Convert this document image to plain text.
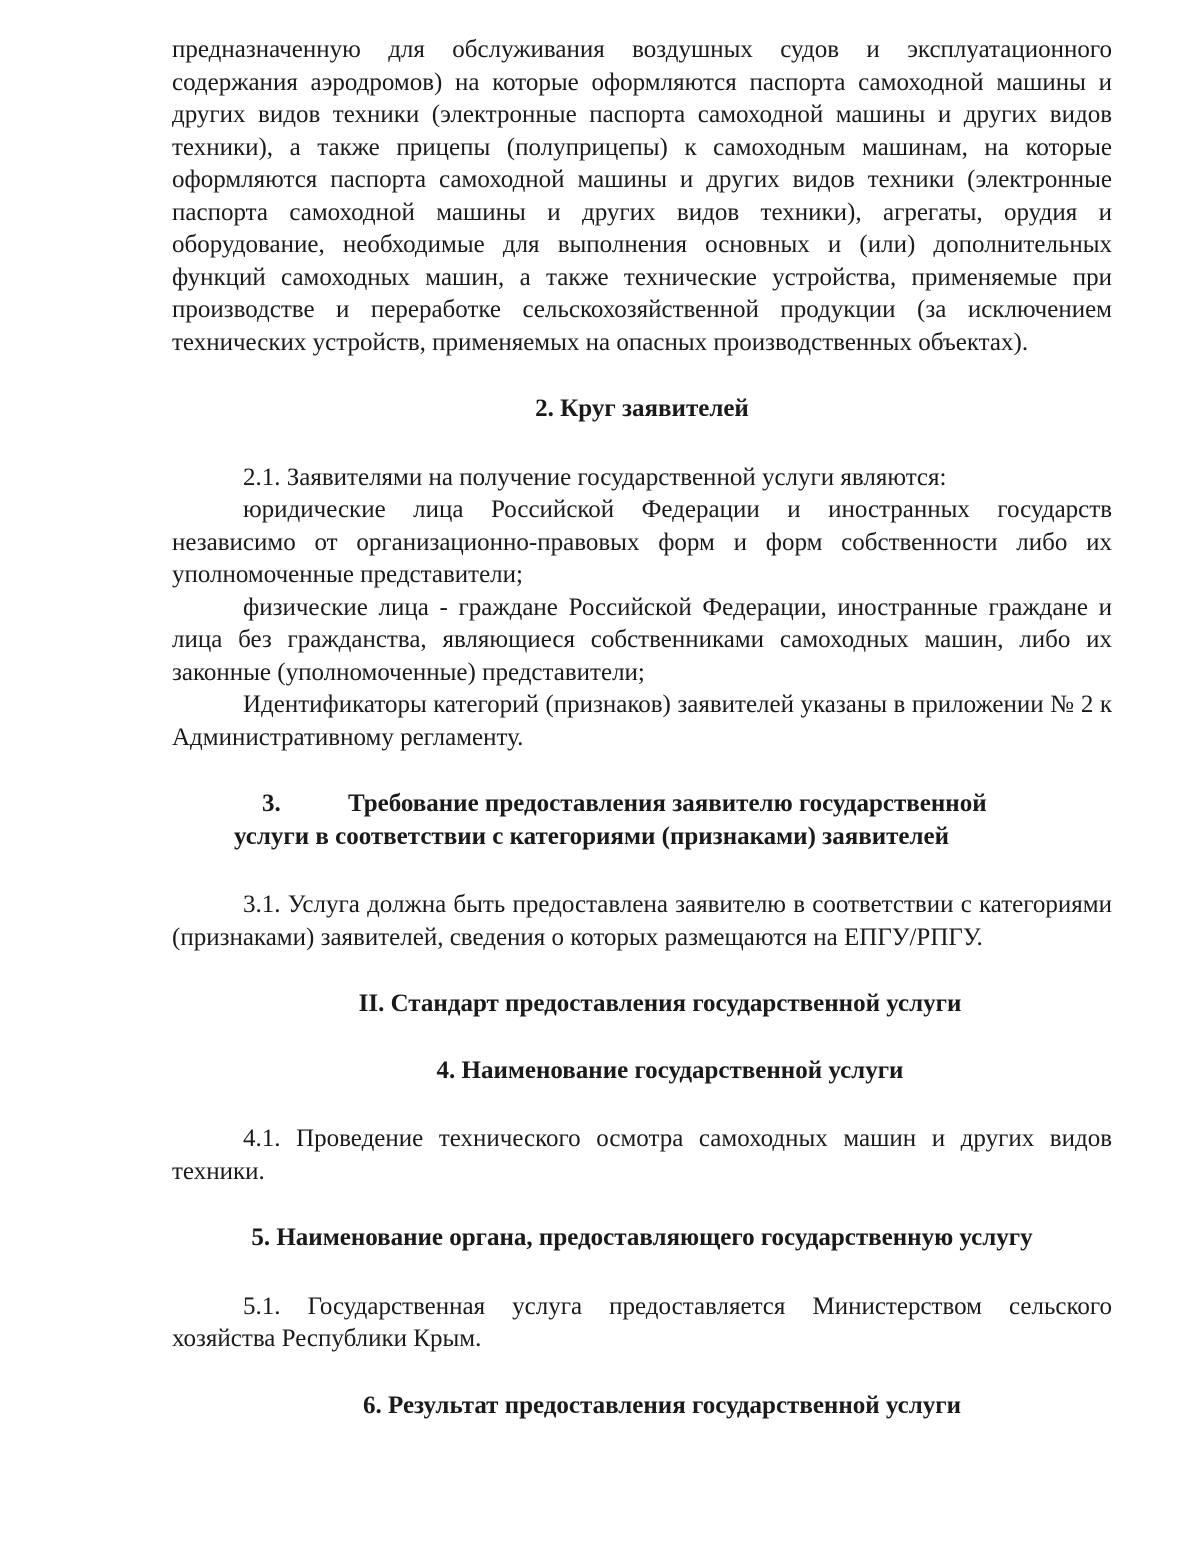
предназначенную для обслуживания воздушных судов и эксплуатационного содержания аэродромов) на которые оформляются паспорта самоходной машины и других видов техники (электронные паспорта самоходной машины и других видов техники), а также прицепы (полуприцепы) к самоходным машинам, на которые оформляются паспорта самоходной машины и других видов техники (электронные паспорта самоходной машины и других видов техники), агрегаты, орудия и оборудование, необходимые для выполнения основных и (или) дополнительных функций самоходных машин, а также технические устройства, применяемые при производстве и переработке сельскохозяйственной продукции (за исключением технических устройств, применяемых на опасных производственных объектах).

2. Круг заявителей

2.1. Заявителями на получение государственной услуги являются:

юридические лица Российской Федерации и иностранных государств независимо от организационно-правовых форм и форм собственности либо их уполномоченные представители;

физические лица - граждане Российской Федерации, иностранные граждане и лица без гражданства, являющиеся собственниками самоходных машин, либо их законные (уполномоченные) представители;

Идентификаторы категорий (признаков) заявителей указаны в приложении № 2 к Административному регламенту.

3.	Требование предоставления заявителю государственной
услуги в соответствии с категориями (признаками) заявителей

3.1. Услуга должна быть предоставлена заявителю в соответствии с категориями (признаками) заявителей, сведения о которых размещаются на ЕПГУ/РПГУ.

II. Стандарт предоставления государственной услуги
4. Наименование государственной услуги

4.1. Проведение технического осмотра самоходных машин и других видов техники.

5. Наименование органа, предоставляющего государственную услугу

5.1. Государственная услуга предоставляется Министерством сельского хозяйства Республики Крым.

6. Результат предоставления государственной услуги
